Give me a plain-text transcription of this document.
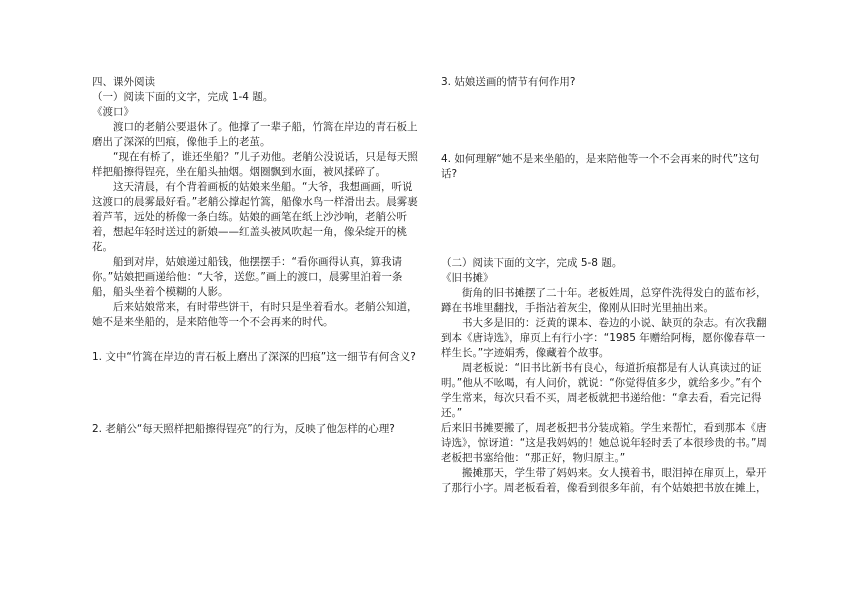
四、课外阅读

（一）阅读下面的文字，完成 1-4 题。

《渡口》

渡口的老艄公要退休了。他撑了一辈子船，竹篙在岸边的青石板上磨出了深深的凹痕，像他手上的老茧。

“现在有桥了，谁还坐船？”儿子劝他。老艄公没说话，只是每天照样把船擦得锃亮，坐在船头抽烟。烟圈飘到水面，被风揉碎了。

这天清晨，有个背着画板的姑娘来坐船。“大爷，我想画画，听说这渡口的晨雾最好看。”老艄公撑起竹篙，船像水鸟一样滑出去。晨雾裹着芦苇，远处的桥像一条白练。姑娘的画笔在纸上沙沙响，老艄公听着，想起年轻时送过的新娘——红盖头被风吹起一角，像朵绽开的桃花。

船到对岸，姑娘递过船钱，他摆摆手：“看你画得认真，算我请你。”姑娘把画递给他：“大爷，送您。”画上的渡口，晨雾里泊着一条船，船头坐着个模糊的人影。

后来姑娘常来，有时带些饼干，有时只是坐着看水。老艄公知道，她不是来坐船的，是来陪他等一个不会再来的时代。

1. 文中“竹篙在岸边的青石板上磨出了深深的凹痕”这一细节有何含义?

2. 老艄公“每天照样把船擦得锃亮”的行为，反映了他怎样的心理?

3. 姑娘送画的情节有何作用?

4. 如何理解“她不是来坐船的，是来陪他等一个不会再来的时代”这句话?

（二）阅读下面的文字，完成 5-8 题。

《旧书摊》

街角的旧书摊摆了二十年。老板姓周，总穿件洗得发白的蓝布衫，蹲在书堆里翻找，手指沾着灰尘，像刚从旧时光里抽出来。

书大多是旧的：泛黄的课本、卷边的小说、缺页的杂志。有次我翻到本《唐诗选》，扉页上有行小字：“1985 年赠给阿梅，愿你像春草一样生长。”字迹娟秀，像藏着个故事。

周老板说：“旧书比新书有良心，每道折痕都是有人认真读过的证明。”他从不吆喝，有人问价，就说：“你觉得值多少，就给多少。”有个学生常来，每次只看不买，周老板就把书递给他：“拿去看，看完记得还。”

后来旧书摊要搬了，周老板把书分装成箱。学生来帮忙，看到那本《唐诗选》，惊讶道：“这是我妈妈的！她总说年轻时丢了本很珍贵的书。”周老板把书塞给他：“那正好，物归原主。”

搬摊那天，学生带了妈妈来。女人摸着书，眼泪掉在扉页上，晕开了那行小字。周老板看着，像看到很多年前，有个姑娘把书放在摊上，
